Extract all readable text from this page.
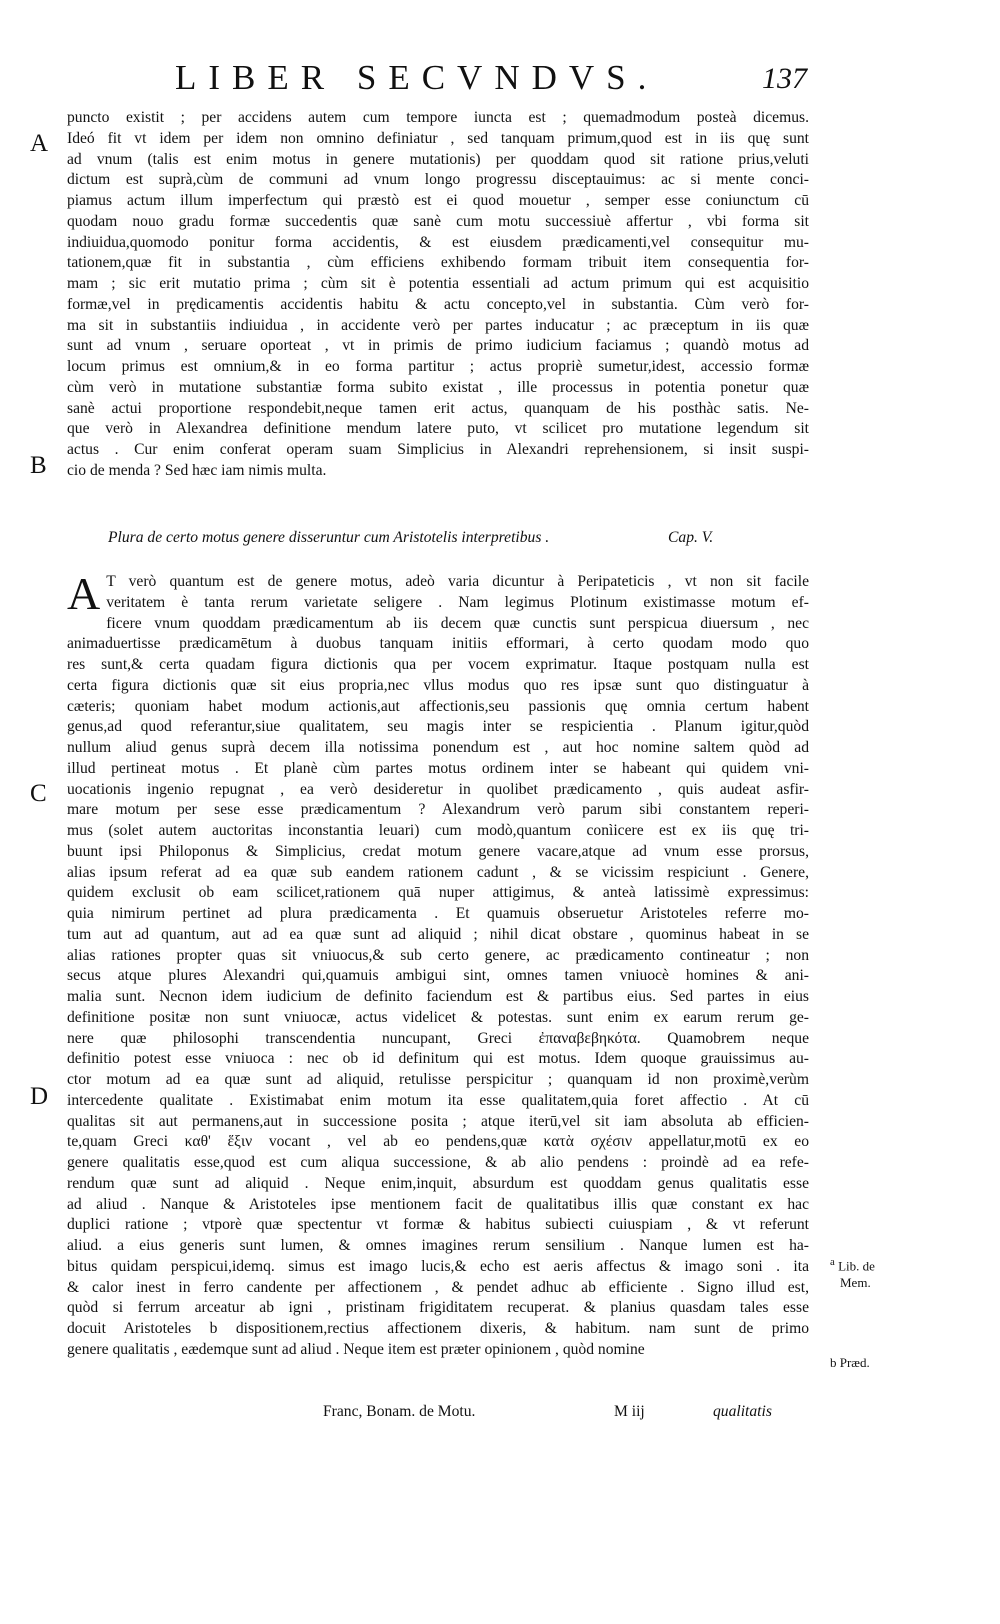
LIBER SECVNDVS.	137
A
B
C
D
puncto existit ; per accidens autem cum tempore iuncta est ; quemadmodum posteà dicemus.
Ideó fit vt idem per idem non omnino definiatur , sed tanquam primum,quod est in iis quę sunt
ad vnum (talis est enim motus in genere mutationis) per quoddam quod sit ratione prius,veluti
dictum est suprà,cùm de communi ad vnum longo progressu disceptauimus: ac si mente conci-
piamus actum illum imperfectum qui præstò est ei quod mouetur , semper esse coniunctum cū
quodam nouo gradu formæ succedentis quæ sanè cum motu successiuè affertur , vbi forma sit
indiuidua,quomodo ponitur forma accidentis, & est eiusdem prædicamenti,vel consequitur mu-
tationem,quæ fit in substantia , cùm efficiens exhibendo formam tribuit item consequentia for-
mam ; sic erit mutatio prima ; cùm sit è potentia essentiali ad actum primum qui est acquisitio
formæ,vel in prędicamentis accidentis habitu & actu concepto,vel in substantia. Cùm verò for-
ma sit in substantiis indiuidua , in accidente verò per partes inducatur ; ac præceptum in iis quæ
sunt ad vnum , seruare oporteat , vt in primis de primo iudicium faciamus ; quandò motus ad
locum primus est omnium,& in eo forma partitur ; actus propriè sumetur,idest, accessio formæ
cùm verò in mutatione substantiæ forma subito existat , ille processus in potentia ponetur quæ
sanè actui proportione respondebit,neque tamen erit actus, quanquam de his posthàc satis. Ne-
que verò in Alexandrea definitione mendum latere puto, vt scilicet pro mutatione legendum sit
actus . Cur enim conferat operam suam Simplicius in Alexandri reprehensionem, si insit suspi-
cio de menda ? Sed hæc iam nimis multa.
Plura de certo motus genere disseruntur cum Aristotelis interpretibus .	Cap. V.
A T verò quantum est de genere motus, adeò varia dicuntur à Peripateticis , vt non sit facile
veritatem è tanta rerum varietate seligere . Nam legimus Plotinum existimasse motum ef-
ficere vnum quoddam prædicamentum ab iis decem quæ cunctis sunt perspicua diuersum , nec
animaduertisse prædicamētum à duobus tanquam initiis efformari, à certo quodam modo quo
res sunt,& certa quadam figura dictionis qua per vocem exprimatur. Itaque postquam nulla est
certa figura dictionis quæ sit eius propria,nec vllus modus quo res ipsæ sunt quo distinguatur à
cæteris; quoniam habet modum actionis,aut affectionis,seu passionis quę omnia certum habent
genus,ad quod referantur,siue qualitatem, seu magis inter se respicientia . Planum igitur,quòd
nullum aliud genus suprà decem illa notissima ponendum est , aut hoc nomine saltem quòd ad
illud pertineat motus . Et planè cùm partes motus ordinem inter se habeant qui quidem vni-
uocationis ingenio repugnat , ea verò desideretur in quolibet prædicamento , quis audeat asfir-
mare motum per sese esse prædicamentum ? Alexandrum verò parum sibi constantem reperi-
mus (solet autem auctoritas inconstantia leuari) cum modò,quantum conìicere est ex iis quę tri-
buunt ipsi Philoponus & Simplicius, credat motum genere vacare,atque ad vnum esse prorsus,
alias ipsum referat ad ea quæ sub eandem rationem cadunt , & se vicissim respiciunt . Genere,
quidem exclusit ob eam scilicet,rationem quā nuper attigimus, & anteà latissimè expressimus:
quia nimirum pertinet ad plura prædicamenta . Et quamuis obseruetur Aristoteles referre mo-
tum aut ad quantum, aut ad ea quæ sunt ad aliquid ; nihil dicat obstare , quominus habeat in se
alias rationes propter quas sit vniuocus,& sub certo genere, ac prædicamento contineatur ; non
secus atque plures Alexandri qui,quamuis ambigui sint, omnes tamen vniuocè homines & ani-
malia sunt. Necnon idem iudicium de definito faciendum est & partibus eius. Sed partes in eius
definitione positæ non sunt vniuocæ, actus videlicet & potestas. sunt enim ex earum rerum ge-
nere quæ philosophi transcendentia nuncupant, Greci ἐπαναβεβηκότα. Quamobrem neque
definitio potest esse vniuoca : nec ob id definitum qui est motus. Idem quoque grauissimus au-
ctor motum ad ea quæ sunt ad aliquid, retulisse perspicitur ; quanquam id non proximè,verùm
intercedente qualitate . Existimabat enim motum ita esse qualitatem,quia foret affectio . At cū
qualitas sit aut permanens,aut in successione posita ; atque iterū,vel sit iam absoluta ab efficien-
te,quam Greci καθ' ἕξιν vocant , vel ab eo pendens,quæ κατὰ σχέσιν appellatur,motū ex eo
genere qualitatis esse,quod est cum aliqua successione, & ab alio pendens : proindè ad ea refe-
rendum quæ sunt ad aliquid . Neque enim,inquit, absurdum est quoddam genus qualitatis esse
ad aliud . Nanque & Aristoteles ipse mentionem facit de qualitatibus illis quæ constant ex hac
duplici ratione ; vtporè quæ spectentur vt formæ & habitus subiecti cuiuspiam , & vt referunt
aliud. a eius generis sunt lumen, & omnes imagines rerum sensilium . Nanque lumen est ha-
bitus quidam perspicui,idemq. simus est imago lucis,& echo est aeris affectus & imago soni . ita
& calor inest in ferro candente per affectionem , & pendet adhuc ab efficiente . Signo illud est,
quòd si ferrum arceatur ab igni , pristinam frigiditatem recuperat. & planius quasdam tales esse
docuit Aristoteles b dispositionem,rectius affectionem dixeris, & habitum. nam sunt de primo
genere qualitatis , eædemque sunt ad aliud . Neque item est præter opinionem , quòd nomine
$^a$ Lib. de
Mem.
b Præd.
Franc, Bonam. de Motu.	M iij	qualitatis
